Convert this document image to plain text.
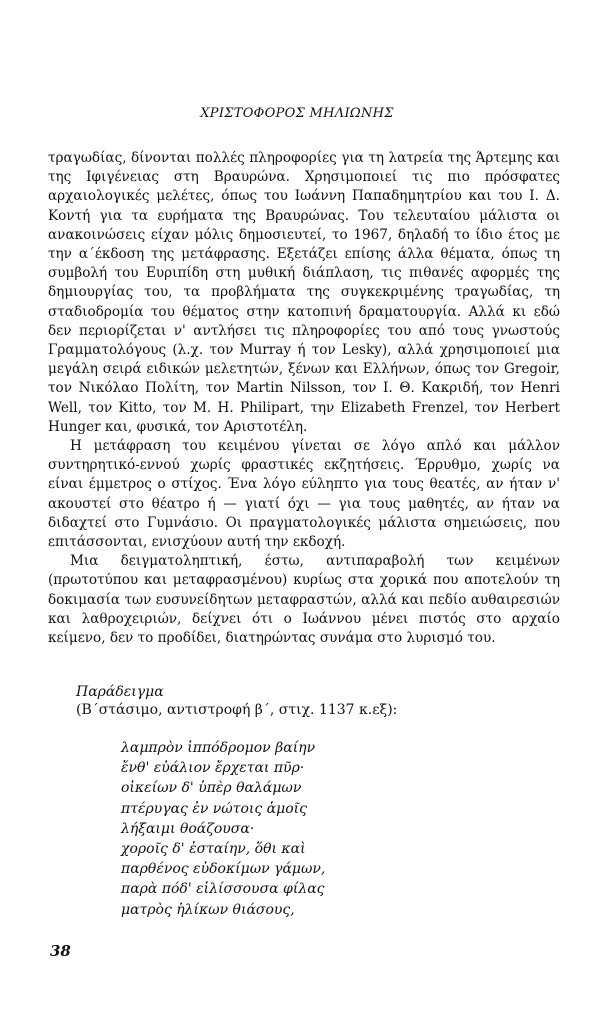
ΧΡΙΣΤΟΦΟΡΟΣ ΜΗΛΙΩΝΗΣ

τραγωδίας, δίνονται πολλές πληροφορίες για τη λατρεία της Άρτεμης και της Ιφιγένειας στη Βραυρώνα. Χρησιμοποιεί τις πιο πρόσφατες αρχαιολογικές μελέτες, όπως του Ιωάννη Παπαδημητρίου και του Ι. Δ. Κοντή για τα ευρήματα της Βραυρώνας. Του τελευταίου μάλιστα οι ανακοινώσεις είχαν μόλις δημοσιευτεί, το 1967, δηλαδή το ίδιο έτος με την α΄έκδοση της μετάφρασης. Εξετάζει επίσης άλλα θέματα, όπως τη συμβολή του Ευριπίδη στη μυθική διάπλαση, τις πιθανές αφορμές της δημιουργίας του, τα προβλήματα της συγκεκριμένης τραγωδίας, τη σταδιοδρομία του θέματος στην κατοπινή δραματουργία. Αλλά κι εδώ δεν περιορίζεται ν' αντλήσει τις πληροφορίες του από τους γνωστούς Γραμματολόγους (λ.χ. τον Murray ή τον Lesky), αλλά χρησιμοποιεί μια μεγάλη σειρά ειδικών μελετητών, ξένων και Ελλήνων, όπως τον Gregoir, τον Νικόλαο Πολίτη, τον Martin Nilsson, τον Ι. Θ. Κακριδή, τον Henri Well, τον Kitto, τον M. H. Philipart, την Elizabeth Frenzel, τον Herbert Hunger και, φυσικά, τον Αριστοτέλη.

Η μετάφραση του κειμένου γίνεται σε λόγο απλό και μάλλον συντηρητικό-εννού χωρίς φραστικές εκζητήσεις. Έρρυθμο, χωρίς να είναι έμμετρος ο στίχος. Ένα λόγο εύληπτο για τους θεατές, αν ήταν ν' ακουστεί στο θέατρο ή — γιατί όχι — για τους μαθητές, αν ήταν να διδαχτεί στο Γυμνάσιο. Οι πραγματολογικές μάλιστα σημειώσεις, που επιτάσσονται, ενισχύουν αυτή την εκδοχή.

Μια δειγματοληπτική, έστω, αντιπαραβολή των κειμένων (πρωτοτύπου και μεταφρασμένου) κυρίως στα χορικά που αποτελούν τη δοκιμασία των ευσυνείδητων μεταφραστών, αλλά και πεδίο αυθαιρεσιών και λαθροχειριών, δείχνει ότι ο Ιωάννου μένει πιστός στο αρχαίο κείμενο, δεν το προδίδει, διατηρώντας συνάμα στο λυρισμό του.

Παράδειγμα
(Β΄στάσιμο, αντιστροφή β΄, στιχ. 1137 κ.εξ):
λαμπρὸν ἱππόδρομον βαίην
ἔνθ' εὐάλιον ἔρχεται πῦρ·
οἰκείων δ' ὑπὲρ θαλάμων
πτέρυγας ἐν νώτοις ἁμοῖς
λήξαιμι θοάζουσα·
χοροῖς δ' ἐσταίην, ὅθι καὶ
παρθένος εὐδοκίμων γάμων,
παρὰ πόδ' εἱλίσσουσα φίλας
ματρὸς ἡλίκων θιάσους,
38
